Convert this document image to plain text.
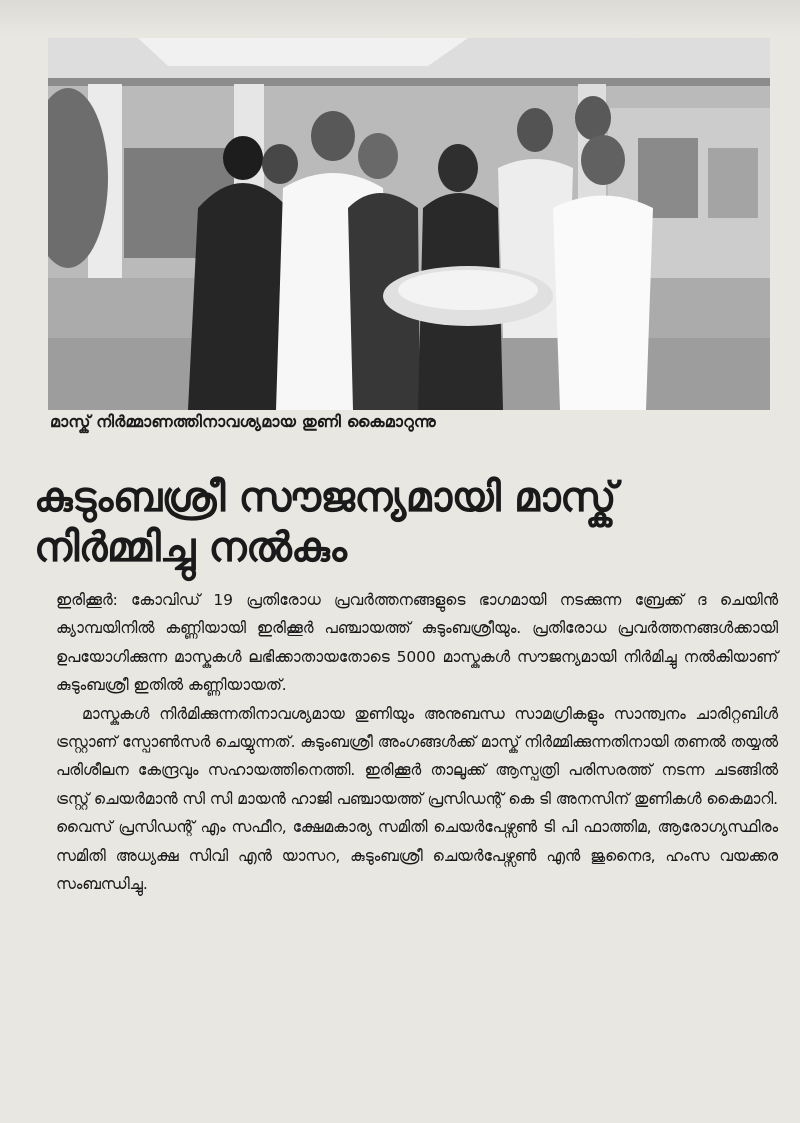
മാസ്ക് നിർമ്മാണത്തിനാവശ്യമായ തുണി കൈമാറുന്നു
കുടുംബശ്രീ സൗജന്യമായി മാസ്ക്
നിർമ്മിച്ചു നൽകും

ഇരിക്കൂർ: കോവിഡ് 19 പ്രതിരോധ പ്രവർത്തനങ്ങളുടെ ഭാഗമായി നടക്കുന്ന ബ്രേക്ക് ദ ചെയിൻ ക്യാമ്പയിനിൽ കണ്ണിയായി ഇരിക്കൂർ പഞ്ചായത്ത് കുടുംബശ്രീയും. പ്രതിരോധ പ്രവർത്തനങ്ങൾക്കായി ഉപയോഗിക്കുന്ന മാസ്കുകൾ ലഭിക്കാതായതോടെ 5000 മാസ്കുകൾ സൗജന്യമായി നിർമിച്ചു നൽകിയാണ് കുടുംബശ്രീ ഇതിൽ കണ്ണിയായത്.

മാസ്കുകൾ നിർമിക്കുന്നതിനാവശ്യമായ തുണിയും അനുബന്ധ സാമഗ്രികളും സാന്ത്വനം ചാരിറ്റബിൾ ട്രസ്റ്റാണ് സ്പോൺസർ ചെയ്യുന്നത്. കുടുംബശ്രീ അംഗങ്ങൾക്ക് മാസ്ക് നിർമ്മിക്കുന്നതിനായി തണൽ തയ്യൽ പരിശീലന കേന്ദ്രവും സഹായത്തിനെത്തി. ഇരിക്കൂർ താലൂക്ക് ആസ്പത്രി പരിസരത്ത് നടന്ന ചടങ്ങിൽ ട്രസ്റ്റ് ചെയർമാൻ സി സി മായൻ ഹാജി പഞ്ചായത്ത് പ്രസിഡന്റ് കെ ടി അനസിന് തുണികൾ കൈമാറി. വൈസ് പ്രസിഡന്റ് എം സഫീറ, ക്ഷേമകാര്യ സമിതി ചെയർപേഴ്സൺ ടി പി ഫാത്തിമ, ആരോഗ്യസ്ഥിരം സമിതി അധ്യക്ഷ സിവി എൻ യാസറ, കുടുംബശ്രീ ചെയർപേഴ്സൺ എൻ ജുനൈദ, ഹംസ വയക്കര സംബന്ധിച്ചു.
